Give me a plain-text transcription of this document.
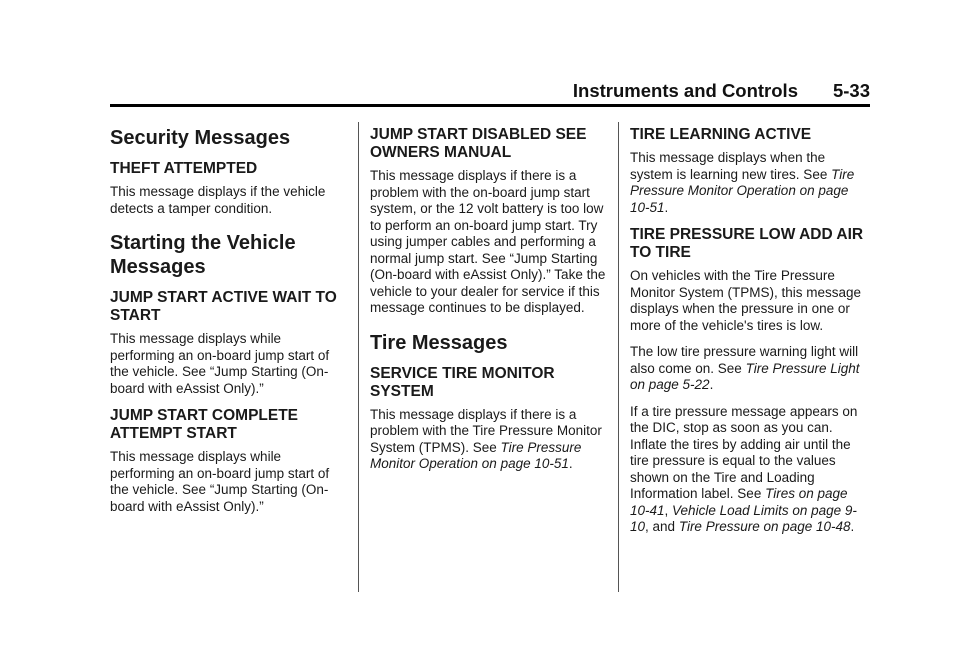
Instruments and Controls 5-33
Security Messages
THEFT ATTEMPTED

This message displays if the vehicle detects a tamper condition.

Starting the Vehicle Messages
JUMP START ACTIVE WAIT TO START

This message displays while performing an on-board jump start of the vehicle. See “Jump Starting (On-board with eAssist Only).”

JUMP START COMPLETE ATTEMPT START

This message displays while performing an on-board jump start of the vehicle. See “Jump Starting (On-board with eAssist Only).”

JUMP START DISABLED SEE OWNERS MANUAL

This message displays if there is a problem with the on-board jump start system, or the 12 volt battery is too low to perform an on-board jump start. Try using jumper cables and performing a normal jump start. See “Jump Starting (On-board with eAssist Only).” Take the vehicle to your dealer for service if this message continues to be displayed.

Tire Messages
SERVICE TIRE MONITOR SYSTEM

This message displays if there is a problem with the Tire Pressure Monitor System (TPMS). See Tire Pressure Monitor Operation on page 10-51.

TIRE LEARNING ACTIVE

This message displays when the system is learning new tires. See Tire Pressure Monitor Operation on page 10-51.

TIRE PRESSURE LOW ADD AIR TO TIRE

On vehicles with the Tire Pressure Monitor System (TPMS), this message displays when the pressure in one or more of the vehicle's tires is low.

The low tire pressure warning light will also come on. See Tire Pressure Light on page 5-22.

If a tire pressure message appears on the DIC, stop as soon as you can. Inflate the tires by adding air until the tire pressure is equal to the values shown on the Tire and Loading Information label. See Tires on page 10-41, Vehicle Load Limits on page 9-10, and Tire Pressure on page 10-48.
